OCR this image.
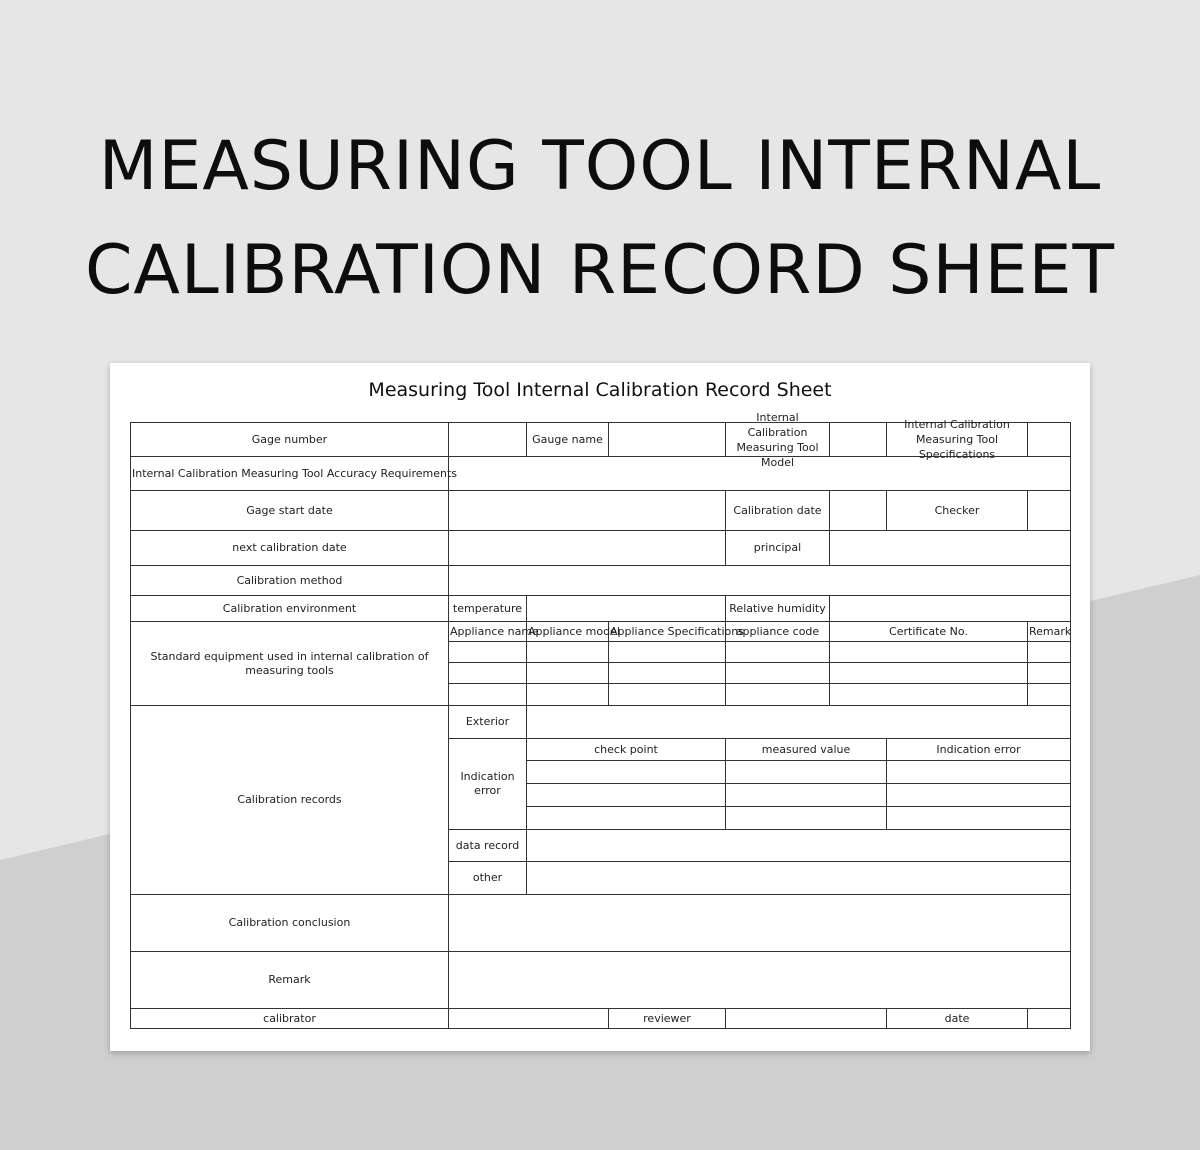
MEASURING TOOL INTERNAL
CALIBRATION RECORD SHEET
Measuring Tool Internal Calibration Record Sheet
Gage number		Gauge name		Internal Calibration Measuring Tool Model		Internal Calibration Measuring Tool Specifications	

Internal Calibration Measuring Tool Accuracy Requirements							
Gage start date				Calibration date		Checker	
next calibration date				principal			
Calibration method							
Calibration environment	temperature			Relative humidity			
Standard equipment used in internal calibration of measuring tools	Appliance name	Appliance model	Appliance Specifications	appliance code	Certificate No.		Remark

Calibration records	Exterior						
	Indication error	check point		measured value		Indication error	

	data record						
	other						
Calibration conclusion							
Remark							
calibrator			reviewer			date	
